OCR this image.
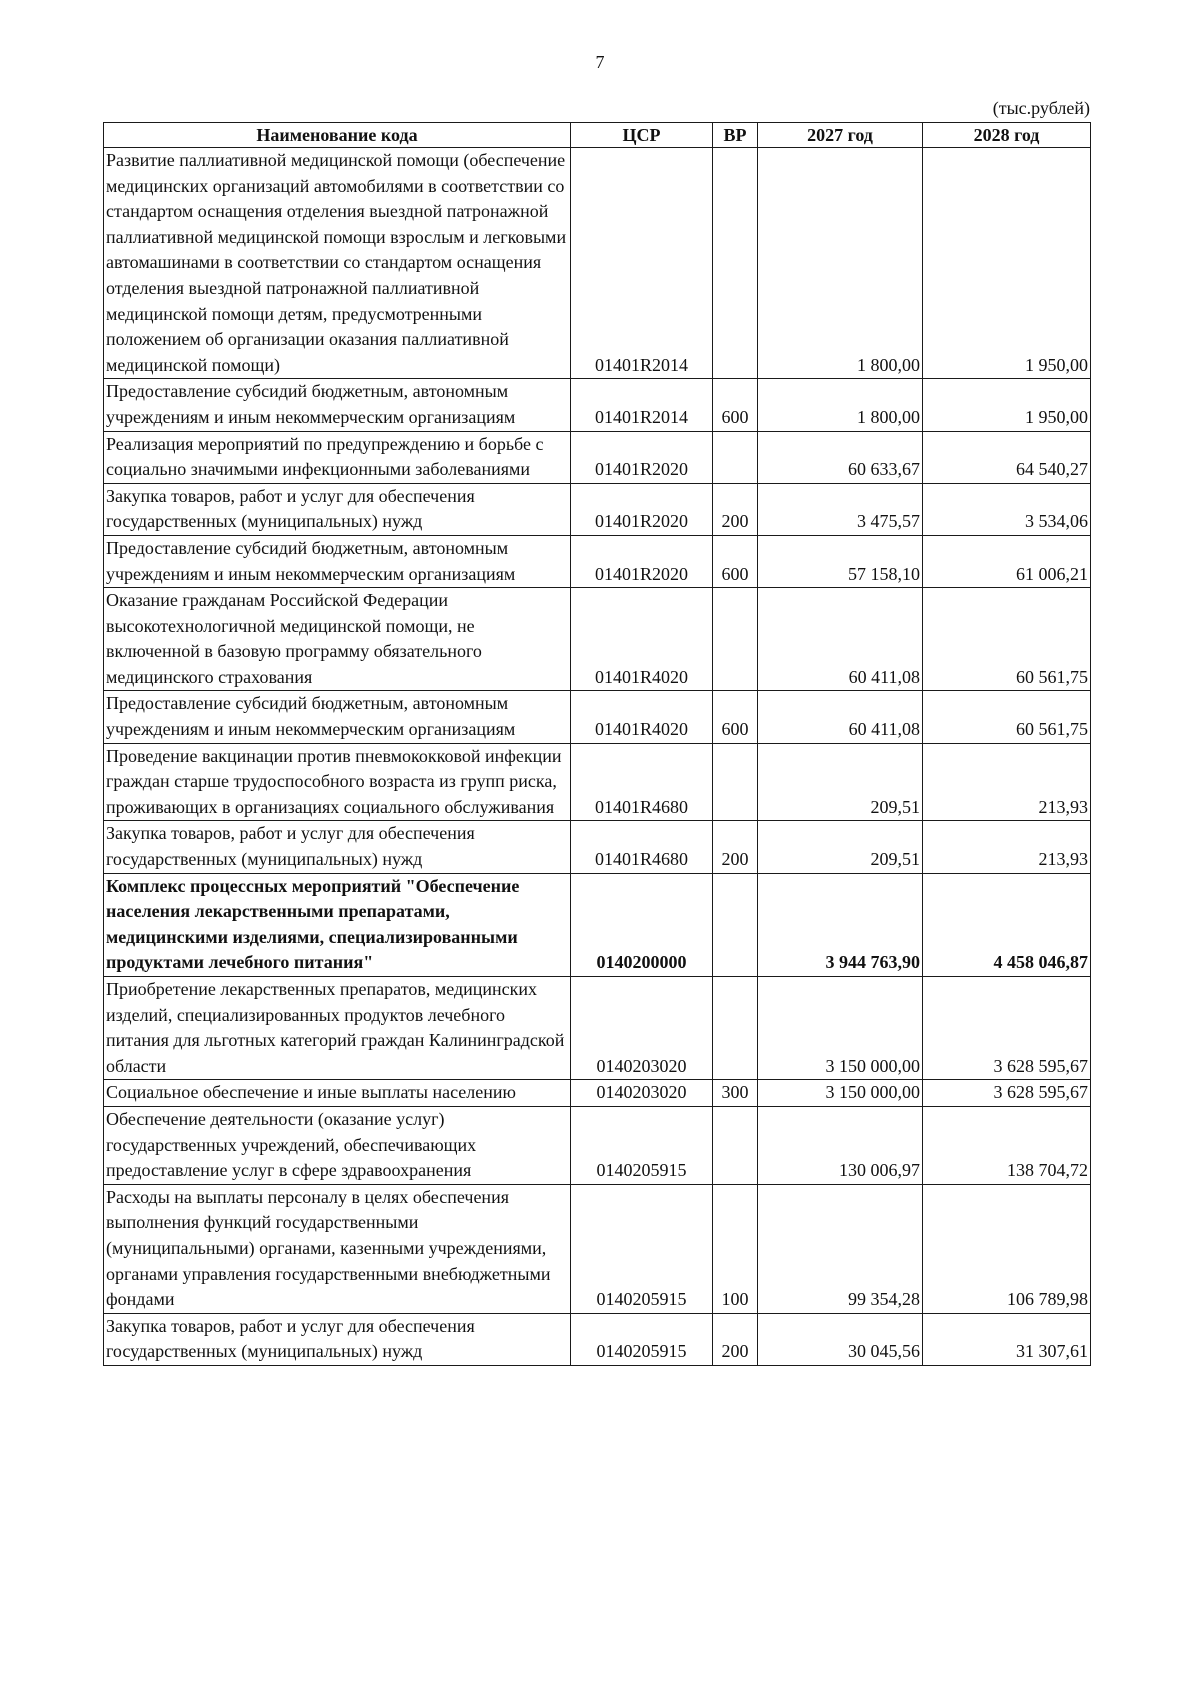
7
(тыс.рублей)
Наименование кода	ЦСР	ВР	2027 год	2028 год
Развитие паллиативной медицинской помощи (обеспечение медицинских организаций автомобилями в соответствии со стандартом оснащения отделения выездной патронажной паллиативной медицинской помощи взрослым и легковыми автомашинами в соответствии со стандартом оснащения отделения выездной патронажной паллиативной медицинской помощи детям, предусмотренными положением об организации оказания паллиативной медицинской помощи)	01401R2014		1 800,00	1 950,00
Предоставление субсидий бюджетным, автономным учреждениям и иным некоммерческим организациям	01401R2014	600	1 800,00	1 950,00
Реализация мероприятий по предупреждению и борьбе с социально значимыми инфекционными заболеваниями	01401R2020		60 633,67	64 540,27
Закупка товаров, работ и услуг для обеспечения государственных (муниципальных) нужд	01401R2020	200	3 475,57	3 534,06
Предоставление субсидий бюджетным, автономным учреждениям и иным некоммерческим организациям	01401R2020	600	57 158,10	61 006,21
Оказание гражданам Российской Федерации высокотехнологичной медицинской помощи, не включенной в базовую программу обязательного медицинского страхования	01401R4020		60 411,08	60 561,75
Предоставление субсидий бюджетным, автономным учреждениям и иным некоммерческим организациям	01401R4020	600	60 411,08	60 561,75
Проведение вакцинации против пневмококковой инфекции граждан старше трудоспособного возраста из групп риска, проживающих в организациях социального обслуживания	01401R4680		209,51	213,93
Закупка товаров, работ и услуг для обеспечения государственных (муниципальных) нужд	01401R4680	200	209,51	213,93
Комплекс процессных мероприятий "Обеспечение населения лекарственными препаратами, медицинскими изделиями, специализированными продуктами лечебного питания"	0140200000		3 944 763,90	4 458 046,87
Приобретение лекарственных препаратов, медицинских изделий, специализированных продуктов лечебного питания для льготных категорий граждан Калининградской области	0140203020		3 150 000,00	3 628 595,67
Социальное обеспечение и иные выплаты населению	0140203020	300	3 150 000,00	3 628 595,67
Обеспечение деятельности (оказание услуг) государственных учреждений, обеспечивающих предоставление услуг в сфере здравоохранения	0140205915		130 006,97	138 704,72
Расходы на выплаты персоналу в целях обеспечения выполнения функций государственными (муниципальными) органами, казенными учреждениями, органами управления государственными внебюджетными фондами	0140205915	100	99 354,28	106 789,98
Закупка товаров, работ и услуг для обеспечения государственных (муниципальных) нужд	0140205915	200	30 045,56	31 307,61
